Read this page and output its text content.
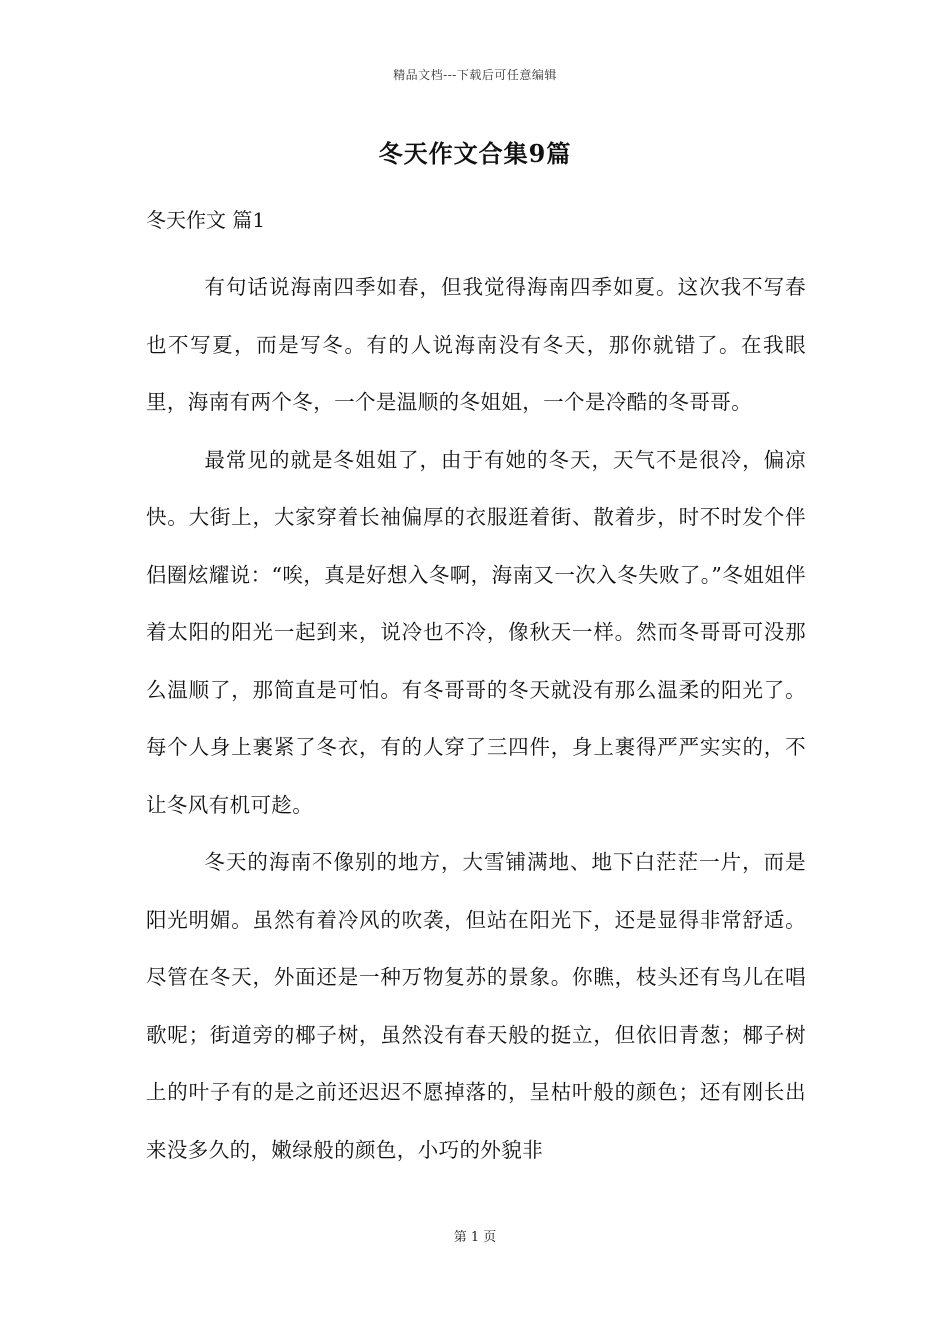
精品文档---下载后可任意编辑
冬天作文合集9篇
冬天作文 篇1

有句话说海南四季如春，但我觉得海南四季如夏。这次我不写春也不写夏，而是写冬。有的人说海南没有冬天，那你就错了。在我眼里，海南有两个冬，一个是温顺的冬姐姐，一个是冷酷的冬哥哥。

最常见的就是冬姐姐了，由于有她的冬天，天气不是很冷，偏凉快。大街上，大家穿着长袖偏厚的衣服逛着街、散着步，时不时发个伴侣圈炫耀说：“唉，真是好想入冬啊，海南又一次入冬失败了。”冬姐姐伴着太阳的阳光一起到来，说冷也不冷，像秋天一样。然而冬哥哥可没那么温顺了，那简直是可怕。有冬哥哥的冬天就没有那么温柔的阳光了。每个人身上裹紧了冬衣，有的人穿了三四件，身上裹得严严实实的，不让冬风有机可趁。

冬天的海南不像别的地方，大雪铺满地、地下白茫茫一片，而是阳光明媚。虽然有着冷风的吹袭，但站在阳光下，还是显得非常舒适。尽管在冬天，外面还是一种万物复苏的景象。你瞧，枝头还有鸟儿在唱歌呢；街道旁的椰子树，虽然没有春天般的挺立，但依旧青葱；椰子树上的叶子有的是之前还迟迟不愿掉落的，呈枯叶般的颜色；还有刚长出来没多久的，嫩绿般的颜色，小巧的外貌非

第 1 页
